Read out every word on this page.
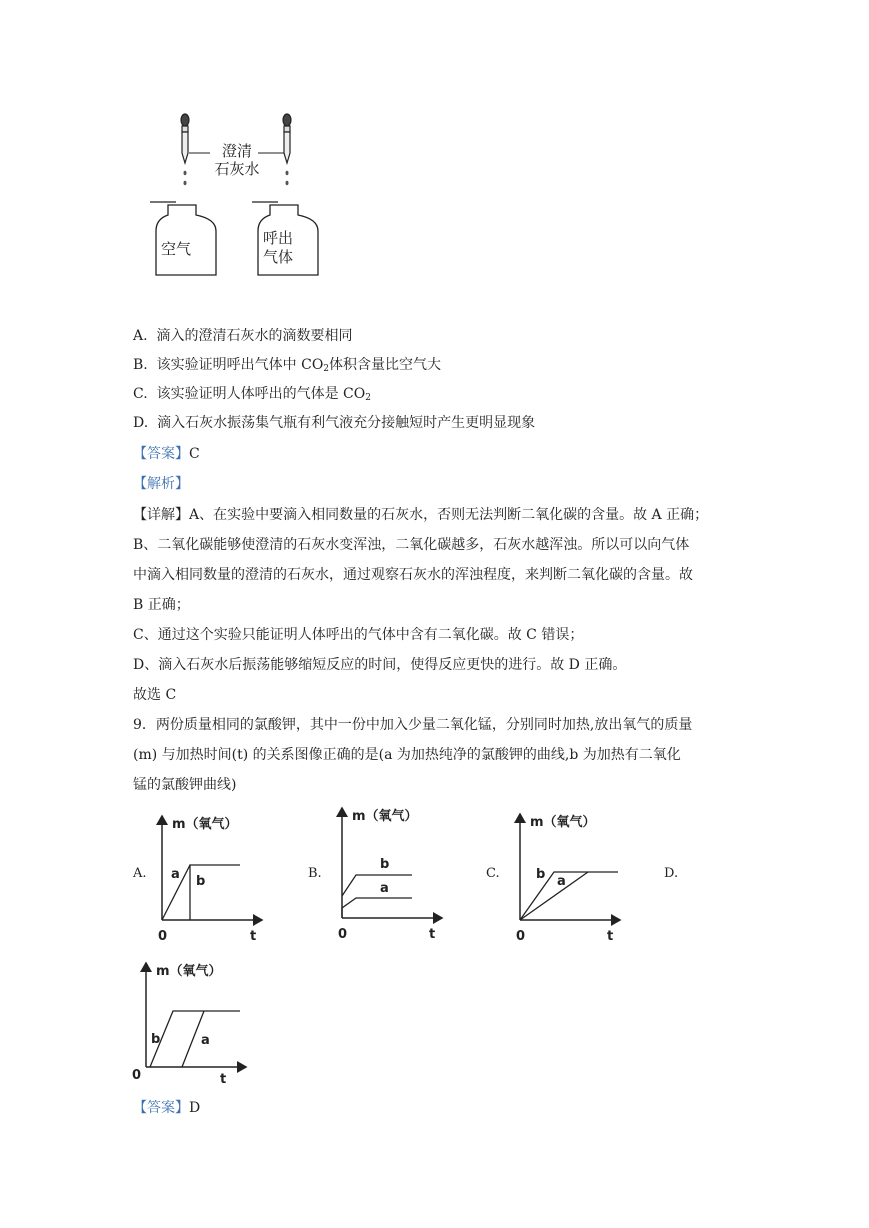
澄清
石灰水
空气
呼出
气体
A. 滴入的澄清石灰水的滴数要相同
B. 该实验证明呼出气体中 $CO_2$体积含量比空气大
C. 该实验证明人体呼出的气体是 $CO_2$
D. 滴入石灰水振荡集气瓶有利气液充分接触短时产生更明显现象
【答案】C
【解析】
【详解】A、在实验中要滴入相同数量的石灰水，否则无法判断二氧化碳的含量。故 A 正确；
B、二氧化碳能够使澄清的石灰水变浑浊，二氧化碳越多，石灰水越浑浊。所以可以向气体
中滴入相同数量的澄清的石灰水，通过观察石灰水的浑浊程度，来判断二氧化碳的含量。故
B 正确；
C、通过这个实验只能证明人体呼出的气体中含有二氧化碳。故 C 错误；
D、滴入石灰水后振荡能够缩短反应的时间，使得反应更快的进行。故 D 正确。
故选 C
9．两份质量相同的氯酸钾，其中一份中加入少量二氧化锰，分别同时加热,放出氧气的质量
(m) 与加热时间(t) 的关系图像正确的是(a 为加热纯净的氯酸钾的曲线,b 为加热有二氧化
锰的氯酸钾曲线)
A.	B.	C.	D.
m（氧气）
0	t
a b
m（氧气）
0	t
b
a
m（氧气）
0	t
b a
m（氧气）
0	t
b	a
【答案】D
